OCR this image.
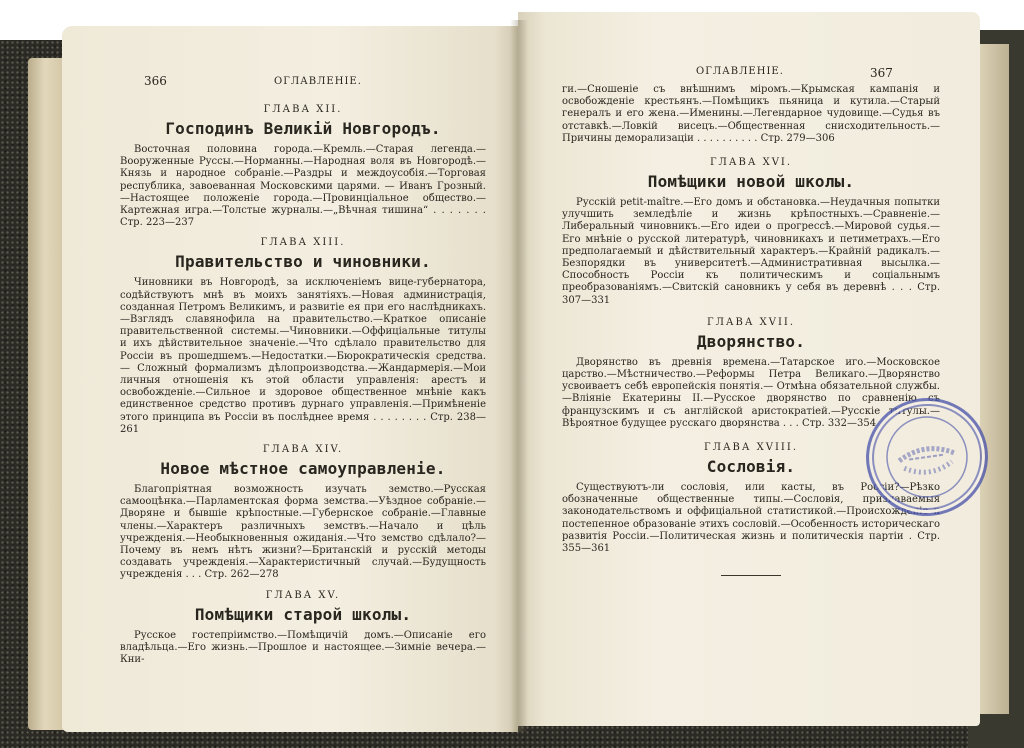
366	ОГЛАВЛЕНІЕ.
ГЛАВА XII.
Господинъ Великій Новгородъ.

Восточная половина города.—Кремль.—Старая легенда.—Вооруженные Руссы.—Норманны.—Народная воля въ Новгородѣ.—Князь и народное собраніе.—Раздры и междоусобія.—Торговая республика, завоеванная Московскими царями. — Иванъ Грозный. —Настоящее положеніе города.—Провинціальное общество.—Картежная игра.—Толстые журналы.—„Вѣчная тишина“ . . . . . . . Стр. 223—237

ГЛАВА XIII.
Правительство и чиновники.

Чиновники въ Новгородѣ, за исключеніемъ вице-губернатора, содѣйствуютъ мнѣ въ моихъ занятіяхъ.—Новая администрація, созданная Петромъ Великимъ, и развитіе ея при его наслѣдникахъ.—Взглядъ славянофила на правительство.—Краткое описаніе правительственной системы.—Чиновники.—Оффиціальные титулы и ихъ дѣйствительное значеніе.—Что сдѣлало правительство для Россіи въ прошедшемъ.—Недостатки.—Бюрократическія средства. — Сложный формализмъ дѣлопроизводства.—Жандармерія.—Мои личныя отношенія къ этой области управленія: арестъ и освобожденіе.—Сильное и здоровое общественное мнѣніе какъ единственное средство противъ дурнаго управленія.—Примѣненіе этого принципа въ Россіи въ послѣднее время . . . . . . . . Стр. 238—261

ГЛАВА XIV.
Новое мѣстное самоуправленіе.

Благопріятная возможность изучать земство.—Русская самооцѣнка.—Парламентская форма земства.—Уѣздное собраніе.—Дворяне и бывшіе крѣпостные.—Губернское собраніе.—Главные члены.—Характеръ различныхъ земствъ.—Начало и цѣль учрежденія.—Необыкновенныя ожиданія.—Что земство сдѣлало?—Почему въ немъ нѣтъ жизни?—Британскій и русскій методы создавать учрежденія.—Характеристичный случай.—Будущность учрежденія . . . Стр. 262—278

ГЛАВА XV.
Помѣщики старой школы.

Русское гостепріимство.—Помѣщичій домъ.—Описаніе его владѣльца.—Его жизнь.—Прошлое и настоящее.—Зимніе вечера.—Кни-

ОГЛАВЛЕНІЕ.	367

ги.—Сношеніе съ внѣшнимъ міромъ.—Крымская кампанія и освобожденіе крестьянъ.—Помѣщикъ пьяница и кутила.—Старый генералъ и его жена.—Именины.—Легендарное чудовище.—Судья въ отставкѣ.—Ловкій висецъ.—Общественная снисходительность.—Причины деморализаціи . . . . . . . . . . Стр. 279—306

ГЛАВА XVI.
Помѣщики новой школы.

Русскій petit-maître.—Его домъ и обстановка.—Неудачныя попытки улучшить земледѣліе и жизнь крѣпостныхъ.—Сравненіе.—Либеральный чиновникъ.—Его идеи о прогрессѣ.—Мировой судья.—Его мнѣніе о русской литературѣ, чиновникахъ и петиметрахъ.—Его предполагаемый и дѣйствительный характеръ.—Крайній радикалъ.—Безпорядки въ университетѣ.—Административная высылка.—Способность Россіи къ политическимъ и соціальнымъ преобразованіямъ.—Свитскій сановникъ у себя въ деревнѣ . . . Стр. 307—331

ГЛАВА XVII.
Дворянство.

Дворянство въ древнія времена.—Татарское иго.—Московское царство.—Мѣстничество.—Реформы Петра Великаго.—Дворянство усвоиваетъ себѣ европейскія понятія.— Отмѣна обязательной службы.—Вліяніе Екатерины II.—Русское дворянство по сравненію съ французскимъ и съ англійской аристократіей.—Русскіе титулы.—Вѣроятное будущее русскаго дворянства . . . Стр. 332—354

ГЛАВА XVIII.
Сословія.

Существуютъ-ли сословія, или касты, въ Россіи?—Рѣзко обозначенные общественные типы.—Сословія, признаваемыя законодательствомъ и оффиціальной статистикой.—Происхожденіе и постепенное образованіе этихъ сословій.—Особенность историческаго развитія Россіи.—Политическая жизнь и политическія партіи . Стр. 355—361
